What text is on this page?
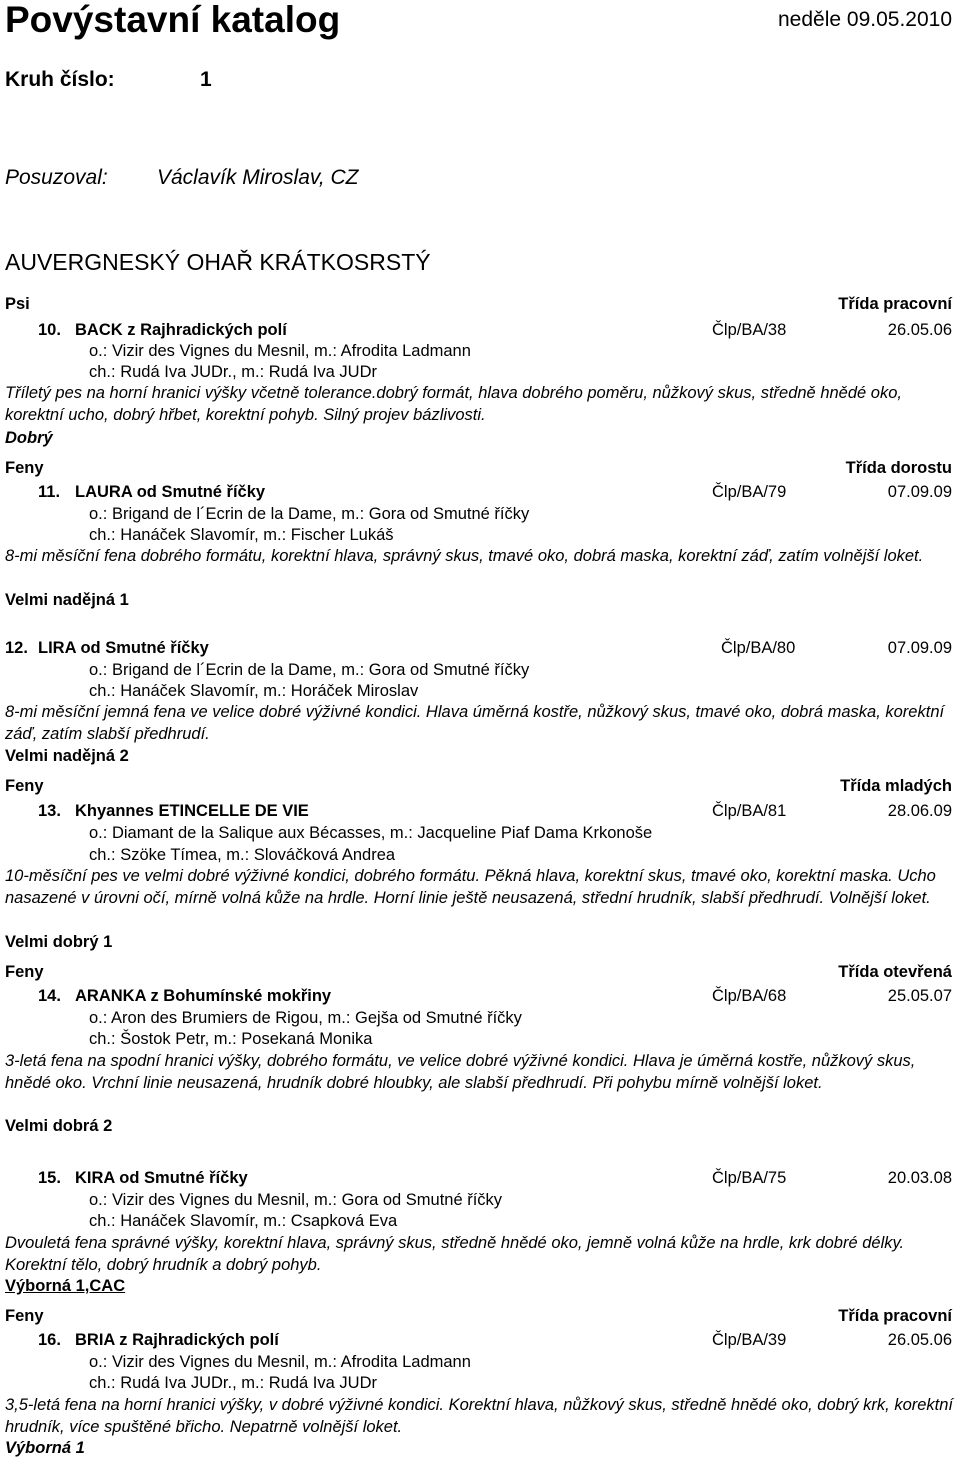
Povýstavní katalog	neděle 09.05.2010
Kruh číslo:	1
Posuzoval: Václavík Miroslav, CZ
AUVERGNESKÝ OHAŘ KRÁTKOSRSTÝ
Psi	Třída pracovní
10. BACK z Rajhradických polí	Člp/BA/38	26.05.06
o.: Vizir des Vignes du Mesnil, m.: Afrodita Ladmann
ch.: Rudá Iva JUDr., m.: Rudá Iva JUDr
Tříletý pes na horní hranici výšky včetně tolerance.dobrý formát, hlava dobrého poměru, nůžkový skus, středně hnědé oko, korektní ucho, dobrý hřbet, korektní pohyb. Silný projev bázlivosti.
Dobrý
Feny	Třída dorostu
11. LAURA od Smutné říčky	Člp/BA/79	07.09.09
o.: Brigand de l´Ecrin de la Dame, m.: Gora od Smutné říčky
ch.: Hanáček Slavomír, m.: Fischer Lukáš
8-mi měsíční fena dobrého formátu, korektní hlava, správný skus, tmavé oko, dobrá maska, korektní záď, zatím volnější loket.
Velmi nadějná 1
12. LIRA od Smutné říčky	Člp/BA/80	07.09.09
o.: Brigand de l´Ecrin de la Dame, m.: Gora od Smutné říčky
ch.: Hanáček Slavomír, m.: Horáček Miroslav
8-mi měsíční jemná fena ve velice dobré výživné kondici. Hlava úměrná kostře, nůžkový skus, tmavé oko, dobrá maska, korektní záď, zatím slabší předhrudí.
Velmi nadějná 2
Feny	Třída mladých
13. Khyannes ETINCELLE DE VIE	Člp/BA/81	28.06.09
o.: Diamant de la Salique aux Bécasses, m.: Jacqueline Piaf Dama Krkonoše
ch.: Szöke Tímea, m.: Slováčková Andrea
10-měsíční pes ve velmi dobré výživné kondici, dobrého formátu. Pěkná hlava, korektní skus, tmavé oko, korektní maska. Ucho nasazené v úrovni očí, mírně volná kůže na hrdle. Horní linie ještě neusazená, střední hrudník, slabší předhrudí. Volnější loket.
Velmi dobrý 1
Feny	Třída otevřená
14. ARANKA z Bohumínské mokřiny	Člp/BA/68	25.05.07
o.: Aron des Brumiers de Rigou, m.: Gejša od Smutné říčky
ch.: Šostok Petr, m.: Posekaná Monika
3-letá fena na spodní hranici výšky, dobrého formátu, ve velice dobré výživné kondici. Hlava je úměrná kostře, nůžkový skus, hnědé oko. Vrchní linie neusazená, hrudník dobré hloubky, ale slabší předhrudí. Při pohybu mírně volnější loket.
Velmi dobrá 2
15. KIRA od Smutné říčky	Člp/BA/75	20.03.08
o.: Vizir des Vignes du Mesnil, m.: Gora od Smutné říčky
ch.: Hanáček Slavomír, m.: Csapková Eva
Dvouletá fena správné výšky, korektní hlava, správný skus, středně hnědé oko, jemně volná kůže na hrdle, krk dobré délky. Korektní tělo, dobrý hrudník a dobrý pohyb.
Výborná 1,CAC
Feny	Třída pracovní
16. BRIA z Rajhradických polí	Člp/BA/39	26.05.06
o.: Vizir des Vignes du Mesnil, m.: Afrodita Ladmann
ch.: Rudá Iva JUDr., m.: Rudá Iva JUDr
3,5-letá fena na horní hranici výšky, v dobré výživné kondici. Korektní hlava, nůžkový skus, středně hnědé oko, dobrý krk, korektní hrudník, více spuštěné břicho. Nepatrně volnější loket.
Výborná 1
